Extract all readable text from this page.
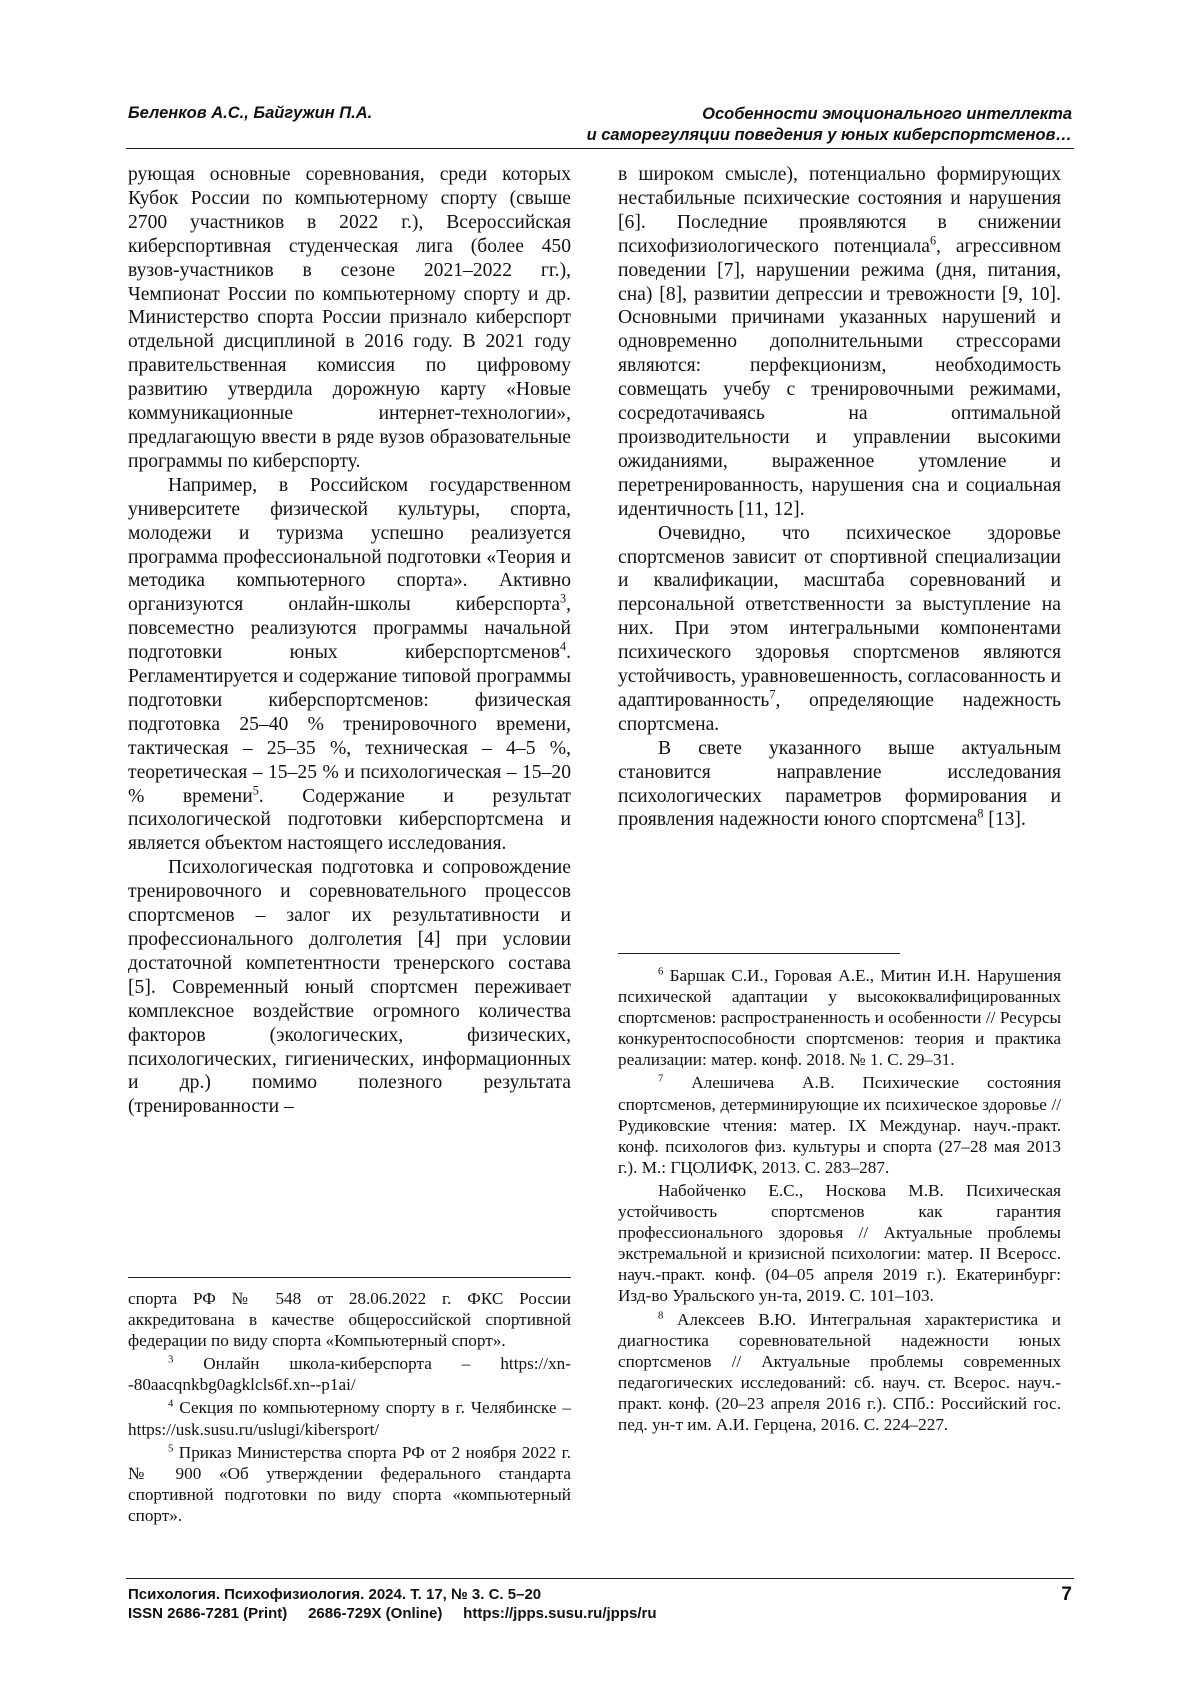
Беленков А.С., Байгужин П.А.	Особенности эмоционального интеллекта
и саморегуляции поведения у юных киберспортсменов…

рующая основные соревнования, среди которых Кубок России по компьютерному спорту (свыше 2700 участников в 2022 г.), Всероссийская киберспортивная студенческая лига (более 450 вузов-участников в сезоне 2021–2022 гг.), Чемпионат России по компьютерному спорту и др. Министерство спорта России признало киберспорт отдельной дисциплиной в 2016 году. В 2021 году правительственная комиссия по цифровому развитию утвердила дорожную карту «Новые коммуникационные интернет-технологии», предлагающую ввести в ряде вузов образовательные программы по киберспорту.

Например, в Российском государственном университете физической культуры, спорта, молодежи и туризма успешно реализуется программа профессиональной подготовки «Теория и методика компьютерного спорта». Активно организуются онлайн-школы киберспорта$^3$, повсеместно реализуются программы начальной подготовки юных киберспортсменов$^4$. Регламентируется и содержание типовой программы подготовки киберспортсменов: физическая подготовка 25–40 % тренировочного времени, тактическая – 25–35 %, техническая – 4–5 %, теоретическая – 15–25 % и психологическая – 15–20 % времени$^5$. Содержание и результат психологической подготовки киберспортсмена и является объектом настоящего исследования.

Психологическая подготовка и сопровождение тренировочного и соревновательного процессов спортсменов – залог их результативности и профессионального долголетия [4] при условии достаточной компетентности тренерского состава [5]. Современный юный спортсмен переживает комплексное воздействие огромного количества факторов (экологических, физических, психологических, гигиенических, информационных и др.) помимо полезного результата (тренированности –

спорта РФ № 548 от 28.06.2022 г. ФКС России аккредитована в качестве общероссийской спортивной федерации по виду спорта «Компьютерный спорт».

$^3$ Онлайн школа-киберспорта – https://xn--80aacqnkbg0agklcls6f.xn--p1ai/

$^4$ Секция по компьютерному спорту в г. Челябинске – https://usk.susu.ru/uslugi/kibersport/

$^5$ Приказ Министерства спорта РФ от 2 ноября 2022 г. № 900 «Об утверждении федерального стандарта спортивной подготовки по виду спорта «компьютерный спорт».

в широком смысле), потенциально формирующих нестабильные психические состояния и нарушения [6]. Последние проявляются в снижении психофизиологического потенциала$^6$, агрессивном поведении [7], нарушении режима (дня, питания, сна) [8], развитии депрессии и тревожности [9, 10]. Основными причинами указанных нарушений и одновременно дополнительными стрессорами являются: перфекционизм, необходимость совмещать учебу с тренировочными режимами, сосредотачиваясь на оптимальной производительности и управлении высокими ожиданиями, выраженное утомление и перетренированность, нарушения сна и социальная идентичность [11, 12].

Очевидно, что психическое здоровье спортсменов зависит от спортивной специализации и квалификации, масштаба соревнований и персональной ответственности за выступление на них. При этом интегральными компонентами психического здоровья спортсменов являются устойчивость, уравновешенность, согласованность и адаптированность$^7$, определяющие надежность спортсмена.

В свете указанного выше актуальным становится направление исследования психологических параметров формирования и проявления надежности юного спортсмена$^8$ [13].

$^6$ Баршак С.И., Горовая А.Е., Митин И.Н. Нарушения психической адаптации у высококвалифицированных спортсменов: распространенность и особенности // Ресурсы конкурентоспособности спортсменов: теория и практика реализации: матер. конф. 2018. № 1. С. 29–31.

$^7$ Алешичева А.В. Психические состояния спортсменов, детерминирующие их психическое здоровье // Рудиковские чтения: матер. IX Междунар. науч.-практ. конф. психологов физ. культуры и спорта (27–28 мая 2013 г.). М.: ГЦОЛИФК, 2013. С. 283–287.

Набойченко Е.С., Носкова М.В. Психическая устойчивость спортсменов как гарантия профессионального здоровья // Актуальные проблемы экстремальной и кризисной психологии: матер. II Всеросс. науч.-практ. конф. (04–05 апреля 2019 г.). Екатеринбург: Изд-во Уральского ун-та, 2019. С. 101–103.

$^8$ Алексеев В.Ю. Интегральная характеристика и диагностика соревновательной надежности юных спортсменов // Актуальные проблемы современных педагогических исследований: сб. науч. ст. Всерос. науч.-практ. конф. (20–23 апреля 2016 г.). СПб.: Российский гос. пед. ун-т им. А.И. Герцена, 2016. С. 224–227.

Психология. Психофизиология. 2024. Т. 17, № 3. С. 5–20
ISSN 2686-7281 (Print) 2686-729X (Online) https://jpps.susu.ru/jpps/ru
7
